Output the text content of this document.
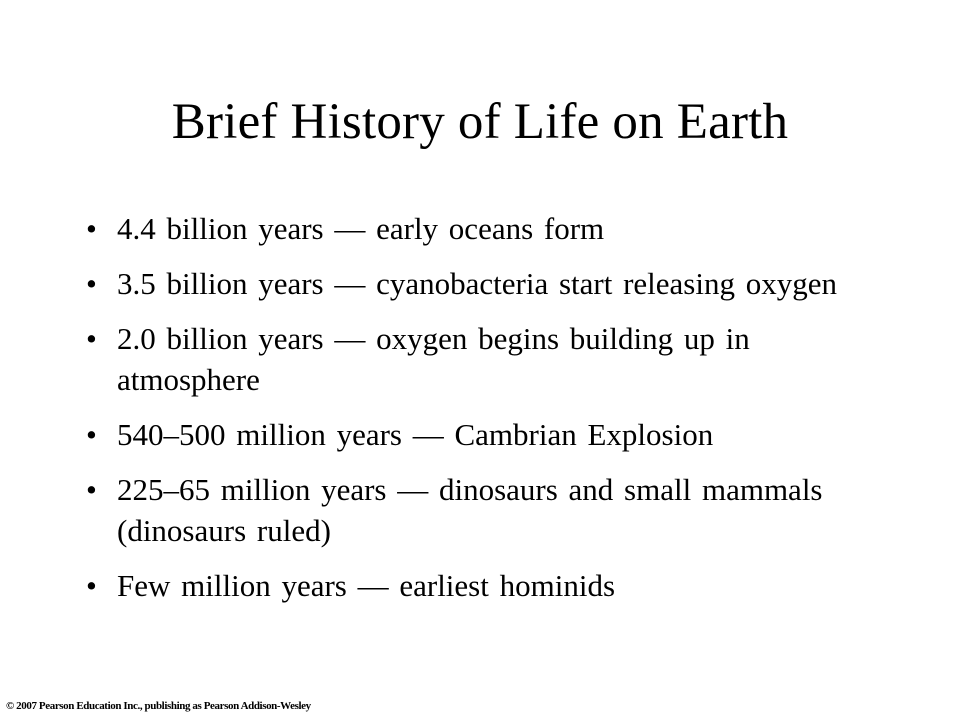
Brief History of Life on Earth
• 4.4 billion years — early oceans form
• 3.5 billion years — cyanobacteria start releasing oxygen
• 2.0 billion years — oxygen begins building up in atmosphere
• 540–500 million years — Cambrian Explosion
• 225–65 million years — dinosaurs and small mammals (dinosaurs ruled)
• Few million years — earliest hominids

© 2007 Pearson Education Inc., publishing as Pearson Addison-Wesley
